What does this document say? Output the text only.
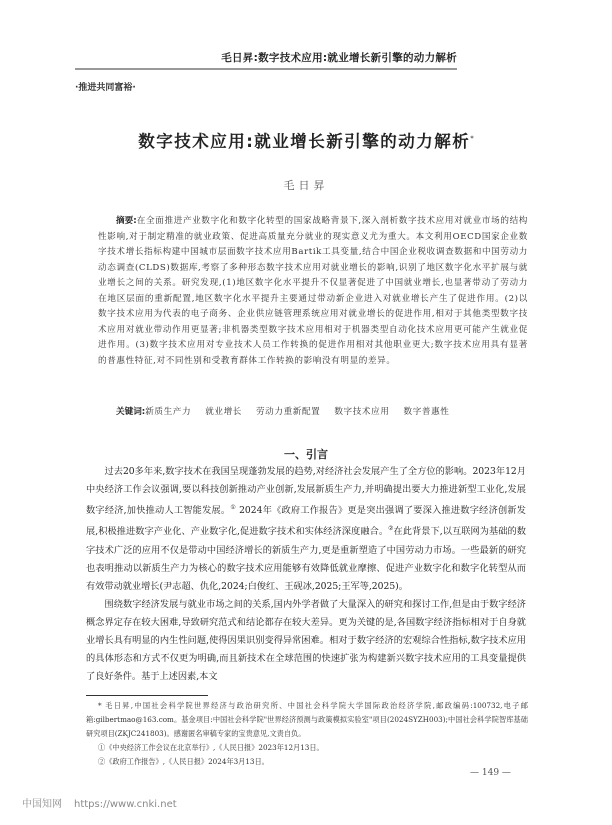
毛日昇:数字技术应用:就业增长新引擎的动力解析
·推进共同富裕·
数字技术应用:就业增长新引擎的动力解析*
毛日昇

摘要:在全面推进产业数字化和数字化转型的国家战略背景下,深入剖析数字技术应用对就业市场的结构性影响,对于制定精准的就业政策、促进高质量充分就业的现实意义尤为重大。本文利用OECD国家企业数字技术增长指标构建中国城市层面数字技术应用Bartik工具变量,结合中国企业税收调查数据和中国劳动力动态调查(CLDS)数据库,考察了多种形态数字技术应用对就业增长的影响,识别了地区数字化水平扩展与就业增长之间的关系。研究发现,(1)地区数字化水平提升不仅显著促进了中国就业增长,也显著带动了劳动力在地区层面的重新配置,地区数字化水平提升主要通过带动新企业进入对就业增长产生了促进作用。(2)以数字技术应用为代表的电子商务、企业供应链管理系统应用对就业增长的促进作用,相对于其他类型数字技术应用对就业带动作用更显著;非机器类型数字技术应用相对于机器类型自动化技术应用更可能产生就业促进作用。(3)数字技术应用对专业技术人员工作转换的促进作用相对其他职业更大;数字技术应用具有显著的普惠性特征,对不同性别和受教育群体工作转换的影响没有明显的差异。

关键词:新质生产力 就业增长 劳动力重新配置 数字技术应用 数字普惠性
一、引言

过去20多年来,数字技术在我国呈现蓬勃发展的趋势,对经济社会发展产生了全方位的影响。2023年12月中央经济工作会议强调,要以科技创新推动产业创新,发展新质生产力,并明确提出要大力推进新型工业化,发展数字经济,加快推动人工智能发展。① 2024年《政府工作报告》更是突出强调了要深入推进数字经济创新发展,积极推进数字产业化、产业数字化,促进数字技术和实体经济深度融合。②在此背景下,以互联网为基础的数字技术广泛的应用不仅是带动中国经济增长的新质生产力,更是重新塑造了中国劳动力市场。一些最新的研究也表明推动以新质生产力为核心的数字技术应用能够有效降低就业摩擦、促进产业数字化和数字化转型从而有效带动就业增长(尹志超、仇化,2024;白俊红、王砚冰,2025;王军等,2025)。

围绕数字经济发展与就业市场之间的关系,国内外学者做了大量深入的研究和探讨工作,但是由于数字经济概念界定存在较大困难,导致研究范式和结论都存在较大差异。更为关键的是,各国数字经济指标相对于自身就业增长具有明显的内生性问题,使得因果识别变得异常困难。相对于数字经济的宏观综合性指标,数字技术应用的具体形态和方式不仅更为明确,而且新技术在全球范围的快速扩张为构建新兴数字技术应用的工具变量提供了良好条件。基于上述因素,本文

* 毛日昇,中国社会科学院世界经济与政治研究所、中国社会科学院大学国际政治经济学院,邮政编码:100732,电子邮箱:gilbertmao@163.com。基金项目:中国社会科学院"世界经济预测与政策模拟实验室"项目(2024SYZH003);中国社会科学院智库基础研究项目(ZKJC241803)。感谢匿名审稿专家的宝贵意见,文责自负。

①《中央经济工作会议在北京举行》,《人民日报》2023年12月13日。

②《政府工作报告》,《人民日报》2024年3月13日。

— 149 —
中国知网 https://www.cnki.net
